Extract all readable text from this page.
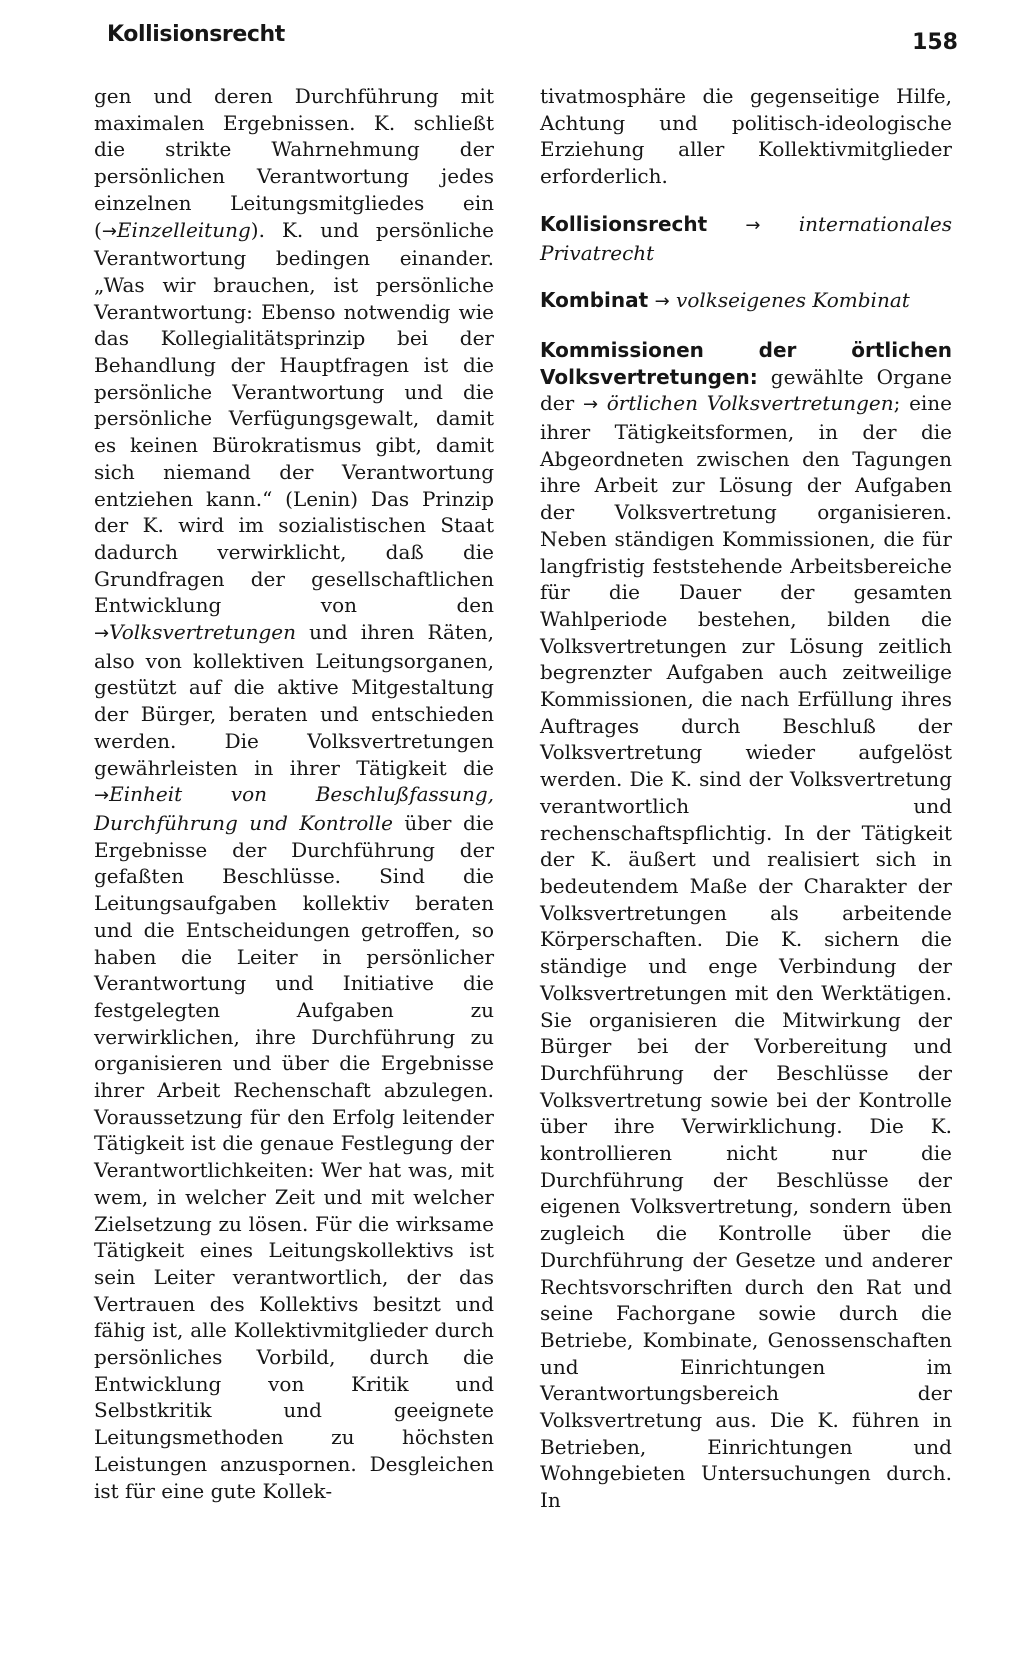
Kollisionsrecht	158

gen und deren Durchführung mit maximalen Ergebnissen. K. schließt die strikte Wahrnehmung der persönlichen Verantwortung jedes einzelnen Leitungsmitgliedes ein (→Einzelleitung). K. und persönliche Verantwortung bedingen einander. „Was wir brauchen, ist persönliche Verantwortung: Ebenso notwendig wie das Kollegialitätsprinzip bei der Behandlung der Hauptfragen ist die persönliche Verantwortung und die persönliche Verfügungsgewalt, damit es keinen Bürokratismus gibt, damit sich niemand der Verantwortung entziehen kann.“ (Lenin) Das Prinzip der K. wird im sozialistischen Staat dadurch verwirklicht, daß die Grundfragen der gesellschaftlichen Entwicklung von den →Volksvertretungen und ihren Räten, also von kollektiven Leitungsorganen, gestützt auf die aktive Mitgestaltung der Bürger, beraten und entschieden werden. Die Volksvertretungen gewährleisten in ihrer Tätigkeit die →Einheit von Beschlußfassung, Durchführung und Kontrolle über die Ergebnisse der Durchführung der gefaßten Beschlüsse. Sind die Leitungsaufgaben kollektiv beraten und die Entscheidungen getroffen, so haben die Leiter in persönlicher Verantwortung und Initiative die festgelegten Aufgaben zu verwirklichen, ihre Durchführung zu organisieren und über die Ergebnisse ihrer Arbeit Rechenschaft abzulegen. Voraussetzung für den Erfolg leitender Tätigkeit ist die genaue Festlegung der Verantwortlichkeiten: Wer hat was, mit wem, in welcher Zeit und mit welcher Zielsetzung zu lösen. Für die wirksame Tätigkeit eines Leitungskollektivs ist sein Leiter verantwortlich, der das Vertrauen des Kollektivs besitzt und fähig ist, alle Kollektivmitglieder durch persönliches Vorbild, durch die Entwicklung von Kritik und Selbstkritik und geeignete Leitungsmethoden zu höchsten Leistungen anzuspornen. Desgleichen ist für eine gute Kollek-

tivatmosphäre die gegenseitige Hilfe, Achtung und politisch-ideologische Erziehung aller Kollektivmitglieder erforderlich.

Kollisionsrecht → internationales Privatrecht

Kombinat → volkseigenes Kombinat

Kommissionen der örtlichen Volksvertretungen: gewählte Organe der → örtlichen Volksvertretungen; eine ihrer Tätigkeitsformen, in der die Abgeordneten zwischen den Tagungen ihre Arbeit zur Lösung der Aufgaben der Volksvertretung organisieren. Neben ständigen Kommissionen, die für langfristig feststehende Arbeitsbereiche für die Dauer der gesamten Wahlperiode bestehen, bilden die Volksvertretungen zur Lösung zeitlich begrenzter Aufgaben auch zeitweilige Kommissionen, die nach Erfüllung ihres Auftrages durch Beschluß der Volksvertretung wieder aufgelöst werden. Die K. sind der Volksvertretung verantwortlich und rechenschaftspflichtig. In der Tätigkeit der K. äußert und realisiert sich in bedeutendem Maße der Charakter der Volksvertretungen als arbeitende Körperschaften. Die K. sichern die ständige und enge Verbindung der Volksvertretungen mit den Werktätigen. Sie organisieren die Mitwirkung der Bürger bei der Vorbereitung und Durchführung der Beschlüsse der Volksvertretung sowie bei der Kontrolle über ihre Verwirklichung. Die K. kontrollieren nicht nur die Durchführung der Beschlüsse der eigenen Volksvertretung, sondern üben zugleich die Kontrolle über die Durchführung der Gesetze und anderer Rechtsvorschriften durch den Rat und seine Fachorgane sowie durch die Betriebe, Kombinate, Genossenschaften und Einrichtungen im Verantwortungsbereich der Volksvertretung aus. Die K. führen in Betrieben, Einrichtungen und Wohngebieten Untersuchungen durch. In
